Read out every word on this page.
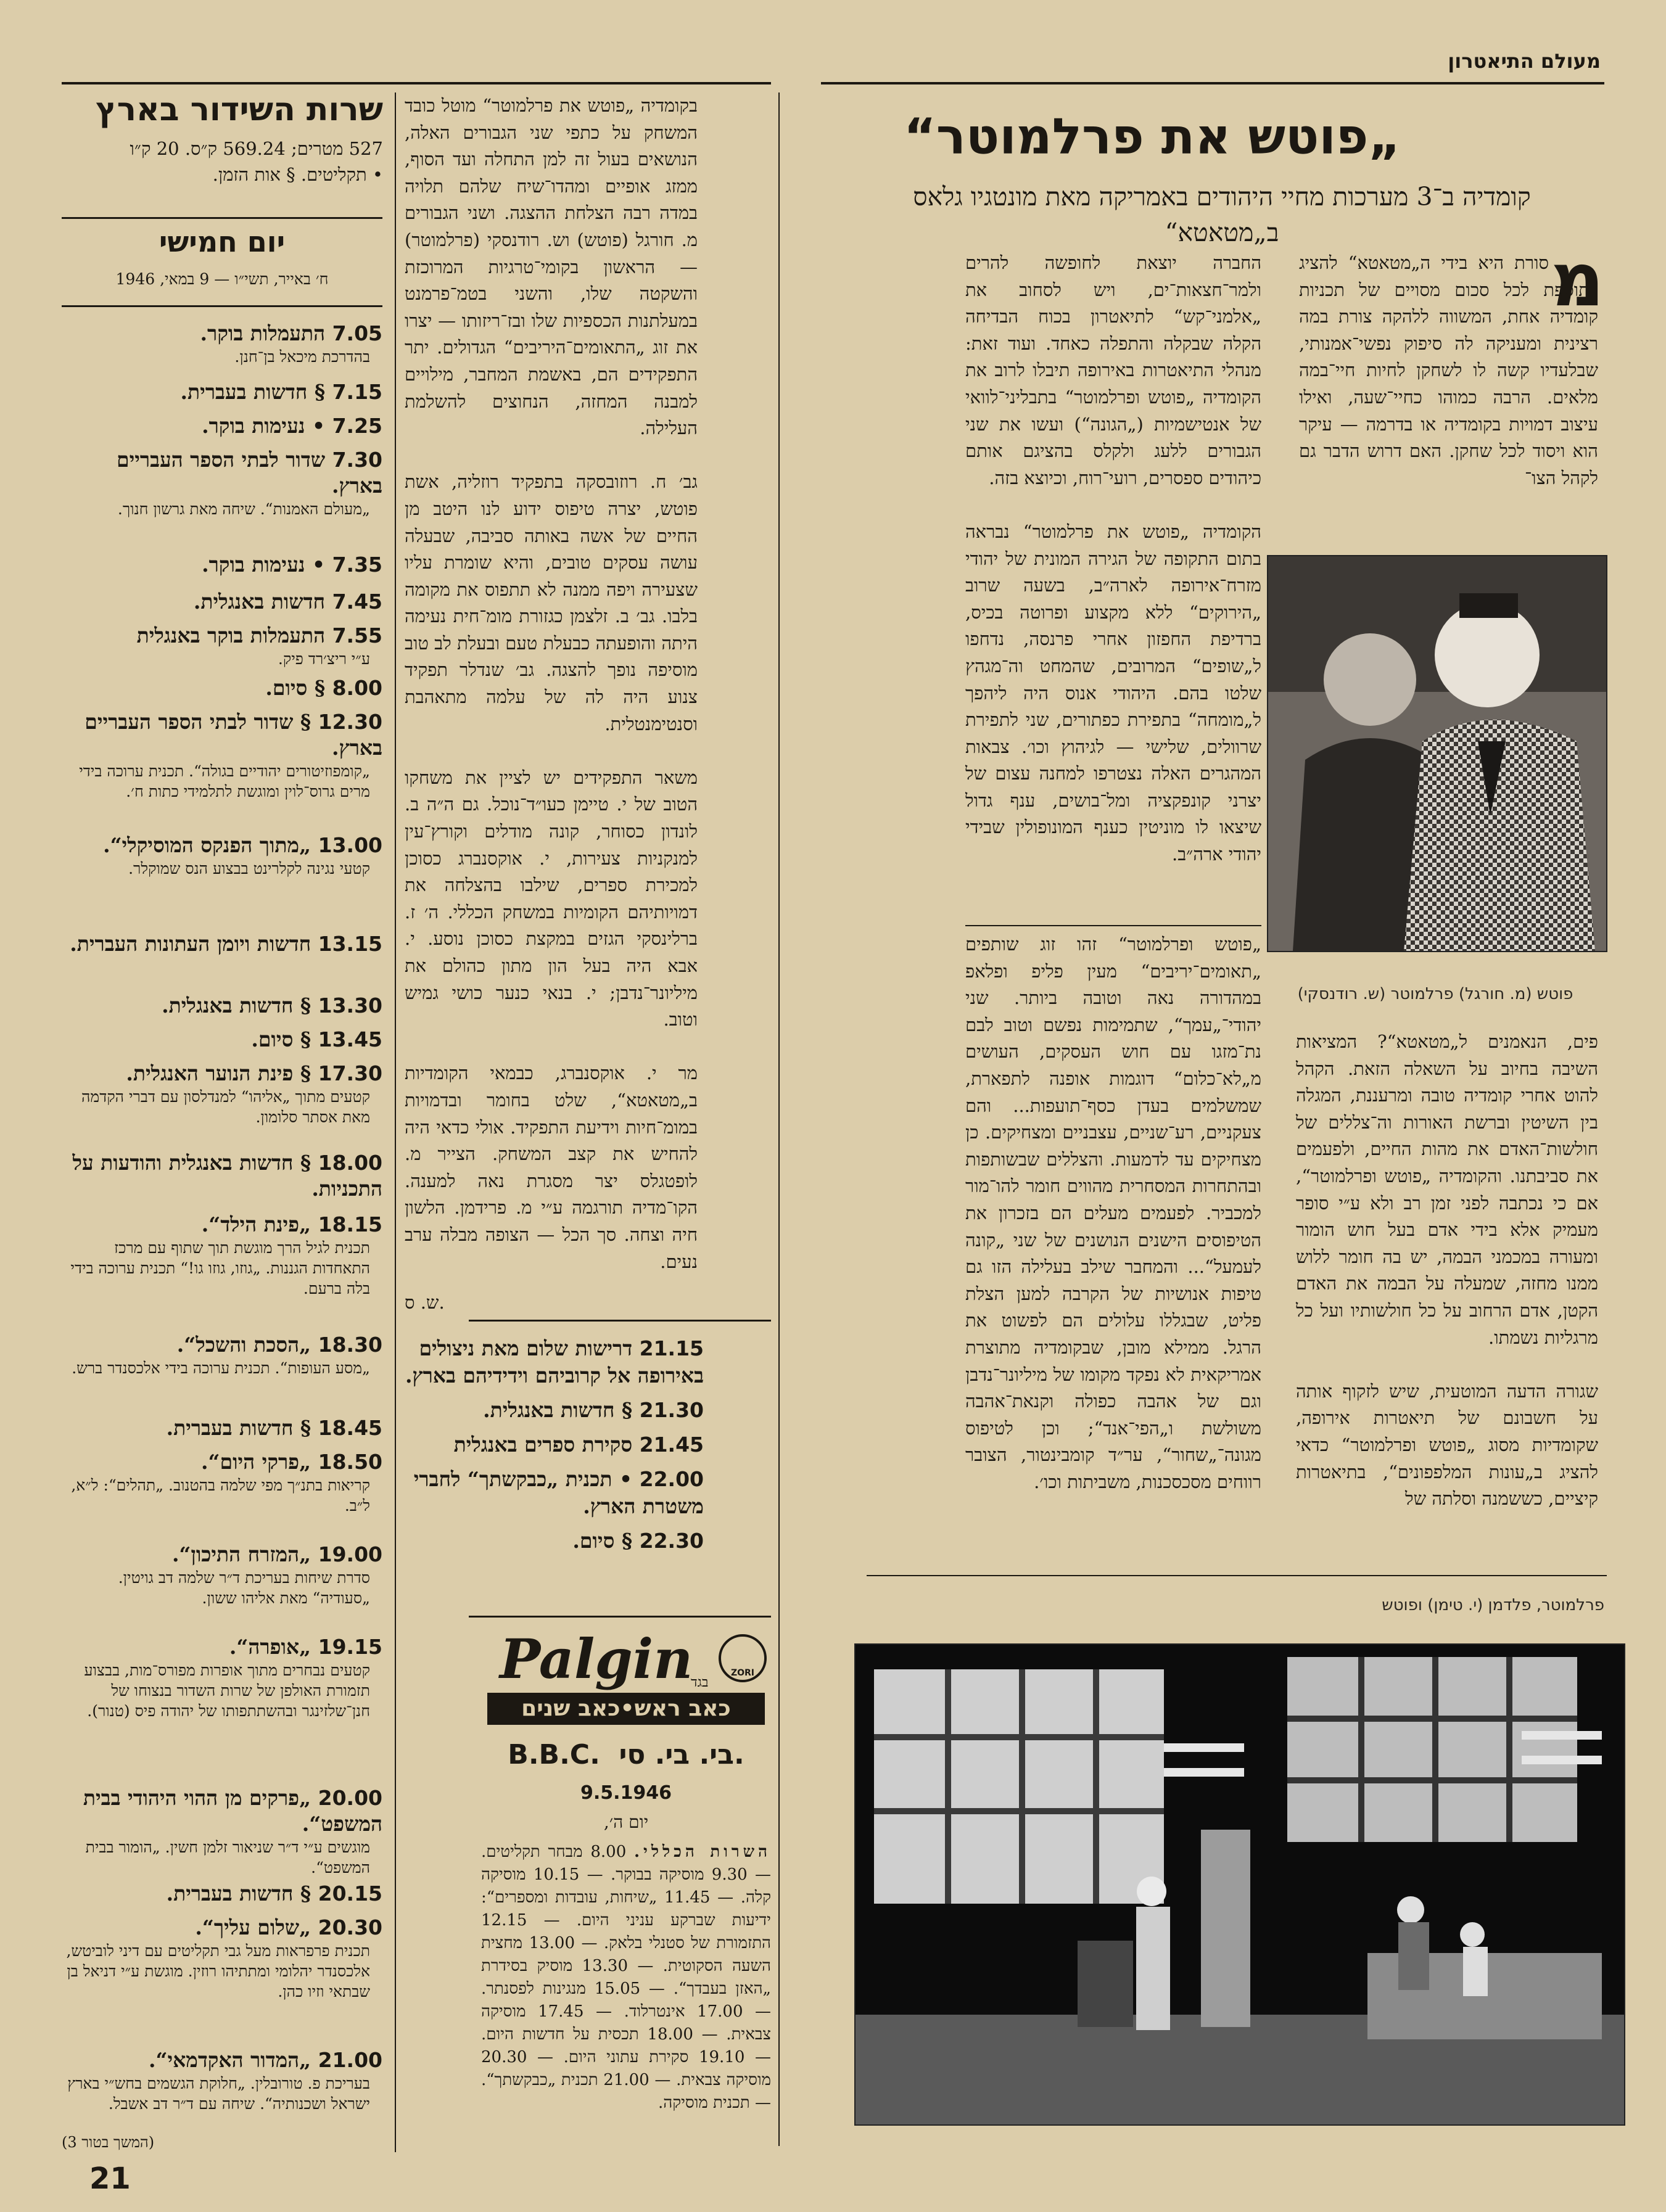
מעולם התיאטרון
„פוטש את פרלמוטר“
קומדיה ב־3 מערכות מחיי היהודים באמריקה מאת מונטגיו גלאס
ב„מטאטא“
מ
סורת היא בידי ה„מטאטא“ להציג כתוספת לכל סכום מסויים של תכניות קומדיה אחת, המשווה ללהקה צורת במה רצינית ומעניקה לה סיפוק נפשי־אמנותי, שבלעדיו קשה לו לשחקן לחיות חיי־במה מלאים. הרבה כמוהו כחיי־שעה, ואילו עיצוב דמויות בקומדיה או בדרמה — עיקר הוא ויסוד לכל שחקן. האם דרוש הדבר גם לקהל הצו־
פוטש (מ. חורגל) פרלמוטר (ש. רודנסקי)
פים, הנאמנים ל„מטאטא“? המציאות השיבה בחיוב על השאלה הזאת. הקהל להוט אחרי קומדיה טובה ומרעננת, המגלה בין השיטין וברשת האורות וה־צללים של חולשות־האדם את מהות החיים, ולפעמים את סביבתנו. והקומדיה „פוטש ופרלמוטר“, אם כי נכתבה לפני זמן רב ולא ע״י סופר מעמיק אלא בידי אדם בעל חוש הומור ומעורה במכמני הבמה, יש בה חומר ללוש ממנו מחזה, שמעלה על הבמה את האדם הקטן, אדם הרחוב על כל חולשותיו ועל כל מרגליות נשמתו.

שגורה הדעה המוטעית, שיש לזקוף אותה על חשבונם של תיאטרות אירופה, שקומדיות מסוג „פוטש ופרלמוטר“ כדאי להציג ב„עונות המלפפונים“, בתיאטרות קיציים, כששמנה וסלתה של
החברה יוצאת לחופשה להרים ולמר־חצאות־ים, ויש לסחוב את „אלמני־קש“ לתיאטרון בכוח הבדיחה הקלה שבקלה והתפלה כאחד. ועוד זאת: מנהלי התיאטרות באירופה תיבלו לרוב את הקומדיה „פוטש ופרלמוטר“ בתבליני־לוואי של אנטישמיות („הגונה“) ועשו את שני הגבורים ללעג ולקלס בהציגם אותם כיהודים ספסרים, רועי־רוח, וכיוצא בזה.

הקומדיה „פוטש את פרלמוטר“ נבראה בתום התקופה של הגירה המונית של יהודי מזרח־אירופה לארה״ב, בשעה שרוב „הירוקים“ ללא מקצוע ופרוטה בכיס, ברדיפת החפזון אחרי פרנסה, נדחפו ל„שופים“ המרובים, שהמחט וה־מגהץ שלטו בהם. היהודי אנוס היה ליהפך ל„מומחה“ בתפירת כפתורים, שני לתפירת שרוולים, שלישי — לגיהוץ וכו׳. צבאות המהגרים האלה נצטרפו למחנה עצום של יצרני קונפקציה ומל־בושים, ענף גדול שיצאו לו מוניטין כענף המונופולין שבידי יהודי ארה״ב.
„פוטש ופרלמוטר“ זהו זוג שותפים „תאומים־יריבים“ מעין פליפ ופלאפ במהדורה נאה וטובה ביותר. שני יהודי־„עמך“, שתמימות נפשם וטוב לבם נת־מזגו עם חוש העסקים, העושים מ„לא־כלום“ דוגמות אופנה לתפארת, שמשלמים בעדן כסף־תועפות... והם צעקניים, רע־שניים, עצבניים ומצחיקים. כן מצחיקים עד לדמעות. והצללים שבשותפות ובהתחרות המסחרית מהווים חומר להו־מור למכביר. לפעמים מעלים הם בזכרון את הטיפוסים הישנים הנושנים של שני „קונה לעמעל“... והמחבר שילב בעלילה הזו גם טיפות אנושיות של הקרבה למען הצלת פליט, שבגללו עלולים הם לפשוט את הרגל. ממילא מובן, שבקומדיה מתוצרת אמריקאית לא נפקד מקומו של מיליונר־נדבן וגם של אהבה כפולה וקנאת־אהבה משולשת ו„הפי־אנד“; וכן לטיפוס מגונה־„שחור“, ער״ד קומבינטור, הצובר רווחים מסכסכנות, משביתות וכו׳.
פרלמוטר, פלדמן (י. טימן) ופוטש
בקומדיה „פוטש את פרלמוטר“ מוטל כובד המשחק על כתפי שני הגבורים האלה, הנושאים בעול זה למן התחלה ועד הסוף, ממזג אופיים ומהדו־שיח שלהם תלויה במדה רבה הצלחת ההצגה. ושני הגבורים מ. חורגל (פוטש) וש. רודנסקי (פרלמוטר) — הראשון בקומי־טרגיות המרוכזת והשקטה שלו, והשני בטמ־פרמנט במעלתנות הכספיות שלו ובז־ריזותו — יצרו את זוג „התאומים־היריבים“ הגדולים. יתר התפקידים הם, באשמת המחבר, מילויים למבנה המחזה, הנחוצים להשלמת העלילה.

גב׳ ח. רוזובסקה בתפקיד רוזליה, אשת פוטש, יצרה טיפוס ידוע לנו היטב מן החיים של אשה באותה סביבה, שבעלה עושה עסקים טובים, והיא שומרת עליו שצעירה ויפה ממנה לא תתפוס את מקומה בלבו. גב׳ ב. זלצמן כגזורת מומ־חית נעימה היתה והופעתה כבעלת טעם ובעלת לב טוב מוסיפה נופך להצגה. גב׳ שנדלר תפקיד צנוע היה לה של עלמה מתאהבת וסנטימנטלית.

משאר התפקידים יש לציין את משחקו הטוב של י. טיימן כעו״ד־נוכל. גם ה״ה ב. לונדון כסוחר, קונה מודלים וקורץ־עין למנקניות צעירות, י. אוקסנברג כסוכן למכירת ספרים, שילבו בהצלחה את דמויותיהם הקומיות במשחק הכללי. ה׳ ז. ברלינסקי הגזים במקצת כסוכן נוסע. י. אבא היה בעל הון מתון כהולם את מיליונר־נדבן; י. בנאי כנער כושי גמיש וטוב.

מר י. אוקסנברג, כבמאי הקומדיות ב„מטאטא“, שלט בחומר ובדמויות במומ־חיות וידיעת התפקיד. אולי כדאי היה להחיש את קצב המשחק. הצייר מ. לופטגלס יצר מסגרת נאה למענה. הקו־מדיה תורגמה ע״י מ. פרידמן. הלשון חיה וצחה. סך הכל — הצופה מבלה ערב נעים.
ש. ס.
21.15 דרישות שלום מאת ניצולים באירופה אל קרוביהם וידידיהם בארץ.
21.30 § חדשות באנגלית.
21.45 סקירת ספרים באנגלית
22.00 • תכנית „כבקשתך“ לחברי משטרת הארץ.
22.30 § סיום.
Palgin
בגד
ZORI
כאב ראש•כאב שנים
B.B.C. בי. בי. סי.
9.5.1946
יום ה׳,
השרות הכללי. 8.00 מבחר תקליטים. — 9.30 מוסיקה בבוקר. — 10.15 מוסיקה קלה. — 11.45 „שיחות, עובדות ומספרים“: ידיעות שברקע עניני היום. — 12.15 התזמורת של סטנלי בלאק. — 13.00 מחצית השעה הסקוטית. — 13.30 מוסיק בסידרת „האזן בעבדך“. — 15.05 מנגינות לפסנתר. — 17.00 אינטרלוד. — 17.45 מוסיקה צבאית. — 18.00 תכסית על חדשות היום. — 19.10 סקירת עתוני היום. — 20.30 מוסיקה צבאית. — 21.00 תכנית „כבקשתך“. — תכנית מוסיקה.
שרות השידור בארץ
527 מטרים; 569.24 ק״ס. 20 ק״ו
• תקליטים. § אות הזמן.
יום חמישי
ח׳ באייר, תשי״ו — 9 במאי, 1946
7.05 התעמלות בוקר.
בהדרכת מיכאל בן־חנן.
7.15 § חדשות בעברית.
7.25 • נעימות בוקר.
7.30 שדור לבתי הספר העבריים בארץ.
„מעולם האמנות“. שיחה מאת גרשון חנוך.
7.35 • נעימות בוקר.
7.45 חדשות באנגלית.
7.55 התעמלות בוקר באנגלית
ע״י ריצ׳רד פיק.
8.00 § סיום.
12.30 § שדור לבתי הספר העבריים בארץ.
„קומפוזיטורים יהודיים בגולה“. תכנית ערוכה בידי מרים גרוס־לוין ומוגשת לתלמידי כתות ח׳.
13.00 „מתוך הפנקס המוסיקלי“.
קטעי נגינה לקלרינט בבצוע הנס שמוקלר.
13.15 חדשות ויומן העתונות העברית.
13.30 § חדשות באנגלית.
13.45 § סיום.
17.30 § פינת הנוער האנגלית.
קטעים מתוך „אליהו“ למנדלסון עם דברי הקדמה מאת אסתר סלומון.
18.00 § חדשות באנגלית והודעות על התכניות.
18.15 „פינת הילד“.
תכנית לגיל הרך מוגשת תוך שתוף עם מרכז התאחדות הגננות. „גוזו, גוזו גו!“ תכנית ערוכה בידי בלה ברעם.
18.30 „הסכת והשכל“.
„מסע העופות“. תכנית ערוכה בידי אלכסנדר ברש.
18.45 § חדשות בעברית.
18.50 „פרקי היום“.
קריאות בתנ״ך מפי שלמה בהטנוב. „תהלים“: ל״א, ל״ב.
19.00 „המזרח התיכון“.
סדרת שיחות בעריכת ד״ר שלמה דב גויטין. „סעודיה“ מאת אליהו ששון.
19.15 „אופרה“.
קטעים נבחרים מתוך אופרות מפורס־מות, בבצוע תזמורת האולפן של שרות השדור בנצוחו של חנן־שלזינגר ובהשתתפותו של יהודה פיס (טנור).
20.00 „פרקים מן ההוי היהודי בבית המשפט“.
מוגשים ע״י ד״ר שניאור זלמן חשין. „הומור בבית המשפט“.
20.15 § חדשות בעברית.
20.30 „שלום עליך“.
תכנית פרפראות מעל גבי תקליטים עם דיני לוביטש, אלכסנדר יהלומי ומתתיהו רוזין. מוגשת ע״י דניאל בן שבתאי וזיו כהן.
21.00 „המדור האקדמאי“.
בעריכת פ. טורובלין. „חלוקת הגשמים בחש״י בארץ ישראל ושכנותיה“. שיחה עם ד״ר דב אשבל.
(המשך בטור 3)
21
